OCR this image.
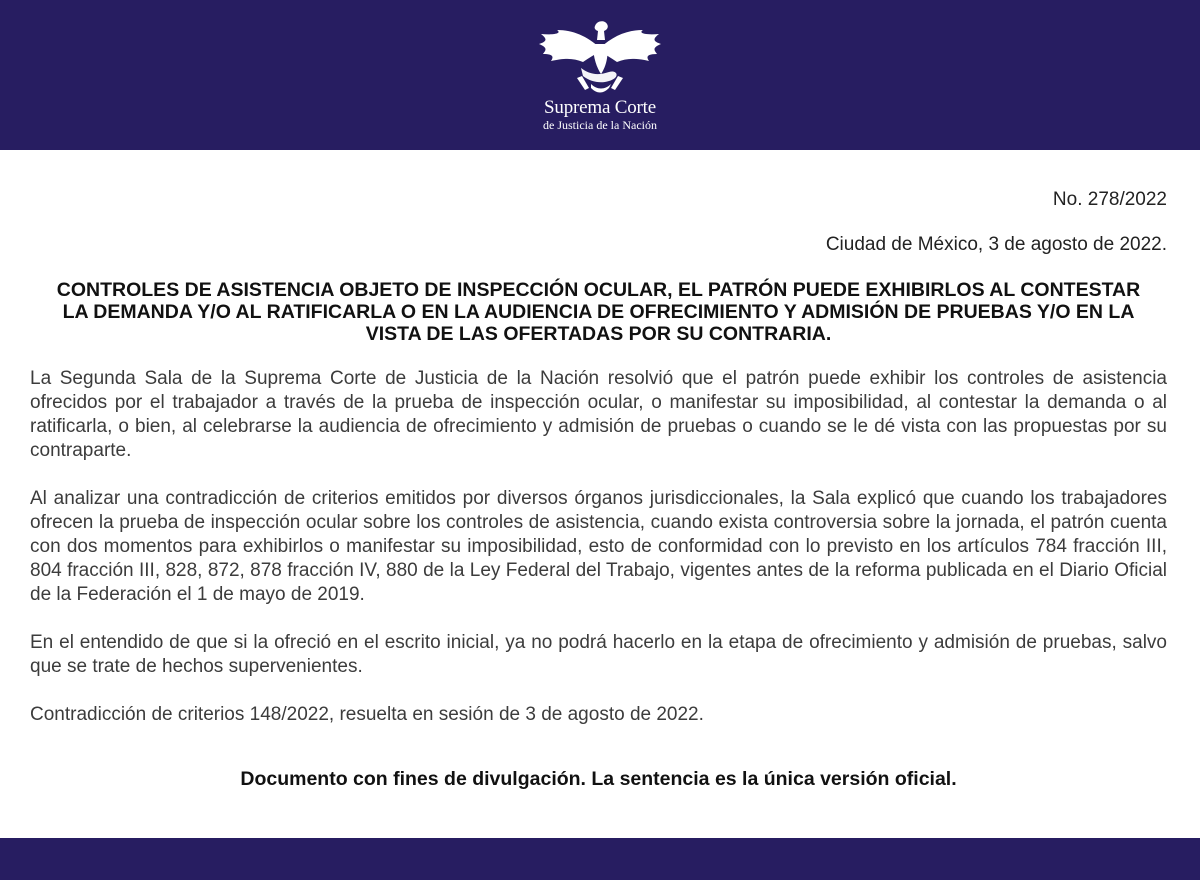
Suprema Corte
de Justicia de la Nación

No. 278/2022

Ciudad de México, 3 de agosto de 2022.

CONTROLES DE ASISTENCIA OBJETO DE INSPECCIÓN OCULAR, EL PATRÓN PUEDE EXHIBIRLOS AL CONTESTAR LA DEMANDA Y/O AL RATIFICARLA O EN LA AUDIENCIA DE OFRECIMIENTO Y ADMISIÓN DE PRUEBAS Y/O EN LA VISTA DE LAS OFERTADAS POR SU CONTRARIA.

La Segunda Sala de la Suprema Corte de Justicia de la Nación resolvió que el patrón puede exhibir los controles de asistencia ofrecidos por el trabajador a través de la prueba de inspección ocular, o manifestar su imposibilidad, al contestar la demanda o al ratificarla, o bien, al celebrarse la audiencia de ofrecimiento y admisión de pruebas o cuando se le dé vista con las propuestas por su contraparte.

Al analizar una contradicción de criterios emitidos por diversos órganos jurisdiccionales, la Sala explicó que cuando los trabajadores ofrecen la prueba de inspección ocular sobre los controles de asistencia, cuando exista controversia sobre la jornada, el patrón cuenta con dos momentos para exhibirlos o manifestar su imposibilidad, esto de conformidad con lo previsto en los artículos 784 fracción III, 804 fracción III, 828, 872, 878 fracción IV, 880 de la Ley Federal del Trabajo, vigentes antes de la reforma publicada en el Diario Oficial de la Federación el 1 de mayo de 2019.

En el entendido de que si la ofreció en el escrito inicial, ya no podrá hacerlo en la etapa de ofrecimiento y admisión de pruebas, salvo que se trate de hechos supervenientes.

Contradicción de criterios 148/2022, resuelta en sesión de 3 de agosto de 2022.

Documento con fines de divulgación. La sentencia es la única versión oficial.
